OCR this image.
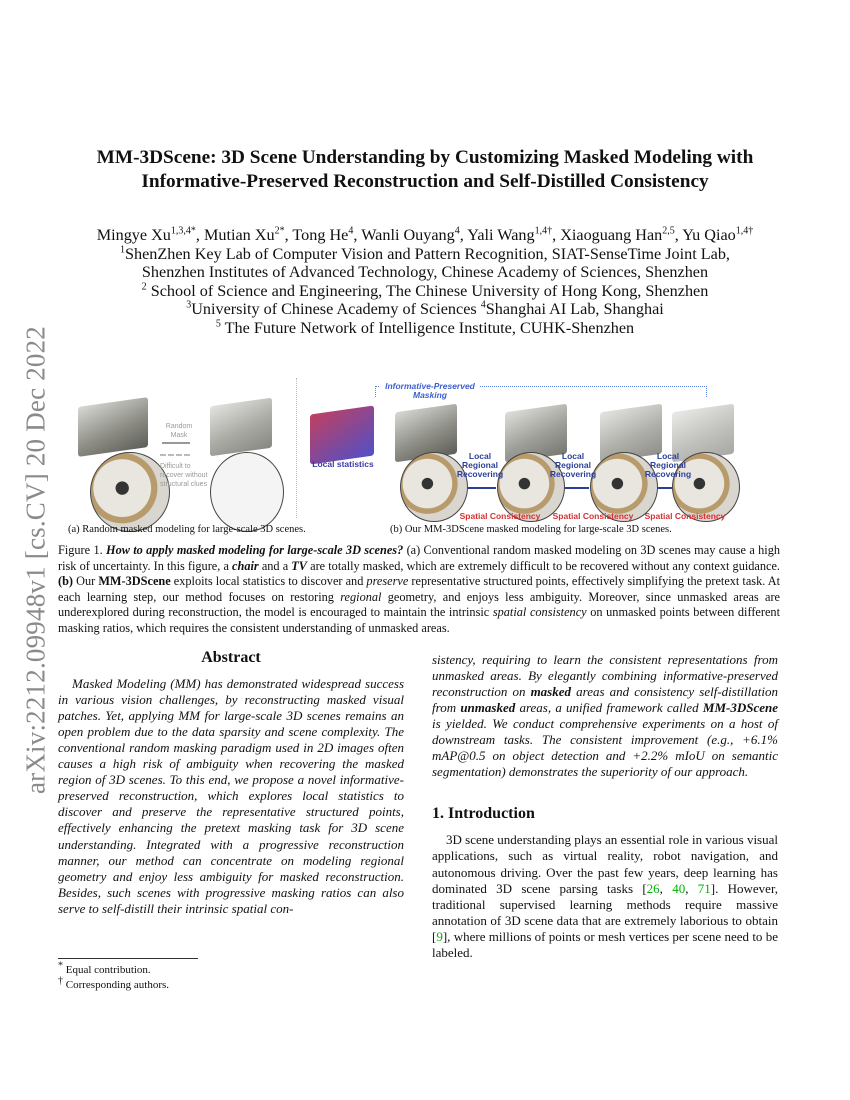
arXiv:2212.09948v1 [cs.CV] 20 Dec 2022
MM-3DScene: 3D Scene Understanding by Customizing Masked Modeling with
Informative-Preserved Reconstruction and Self-Distilled Consistency
Mingye $Xu^{1,3,4*}$, Mutian $Xu^{2*}$, Tong He$^4$, Wanli Ouyang$^4$, Yali Wang$^{1,4\dagger}$, Xiaoguang Han$^{2,5}$, Yu Qiao$^{1,4\dagger}$
$^1$ShenZhen Key Lab of Computer Vision and Pattern Recognition, SIAT-SenseTime Joint Lab,
Shenzhen Institutes of Advanced Technology, Chinese Academy of Sciences, Shenzhen
$^2$ School of Science and Engineering, The Chinese University of Hong Kong, Shenzhen
$^3$University of Chinese Academy of Sciences $^4$Shanghai AI Lab, Shanghai
$^5$ The Future Network of Intelligence Institute, CUHK-Shenzhen
Random Mask
Difficult to recover without structural clues
Informative-Preserved Masking
Local statistics
Local Regional
Recovering
Local Regional
Recovering
Local Regional
Recovering
Spatial Consistency	Spatial Consistency	Spatial Consistency
(a) Random masked modeling for large-scale 3D scenes.	(b) Our MM-3DScene masked modeling for large-scale 3D scenes.
Figure 1. How to apply masked modeling for large-scale 3D scenes? (a) Conventional random masked modeling on 3D scenes may cause a high risk of uncertainty. In this figure, a chair and a TV are totally masked, which are extremely difficult to be recovered without any context guidance. (b) Our MM-3DScene exploits local statistics to discover and preserve representative structured points, effectively simplifying the pretext task. At each learning step, our method focuses on restoring regional geometry, and enjoys less ambiguity. Moreover, since unmasked areas are underexplored during reconstruction, the model is encouraged to maintain the intrinsic spatial consistency on unmasked points between different masking ratios, which requires the consistent understanding of unmasked areas.
Abstract
Masked Modeling (MM) has demonstrated widespread success in various vision challenges, by reconstructing masked visual patches. Yet, applying MM for large-scale 3D scenes remains an open problem due to the data sparsity and scene complexity. The conventional random masking paradigm used in 2D images often causes a high risk of ambiguity when recovering the masked region of 3D scenes. To this end, we propose a novel informative-preserved reconstruction, which explores local statistics to discover and preserve the representative structured points, effectively enhancing the pretext masking task for 3D scene understanding. Integrated with a progressive reconstruction manner, our method can concentrate on modeling regional geometry and enjoy less ambiguity for masked reconstruction. Besides, such scenes with progressive masking ratios can also serve to self-distill their intrinsic spatial con-
* Equal contribution.
† Corresponding authors.
sistency, requiring to learn the consistent representations from unmasked areas. By elegantly combining informative-preserved reconstruction on masked areas and consistency self-distillation from unmasked areas, a unified framework called MM-3DScene is yielded. We conduct comprehensive experiments on a host of downstream tasks. The consistent improvement (e.g., +6.1% mAP@0.5 on object detection and +2.2% mIoU on semantic segmentation) demonstrates the superiority of our approach.
1. Introduction
3D scene understanding plays an essential role in various visual applications, such as virtual reality, robot navigation, and autonomous driving. Over the past few years, deep learning has dominated 3D scene parsing tasks [26, 40, 71]. However, traditional supervised learning methods require massive annotation of 3D scene data that are extremely laborious to obtain [9], where millions of points or mesh vertices per scene need to be labeled.
